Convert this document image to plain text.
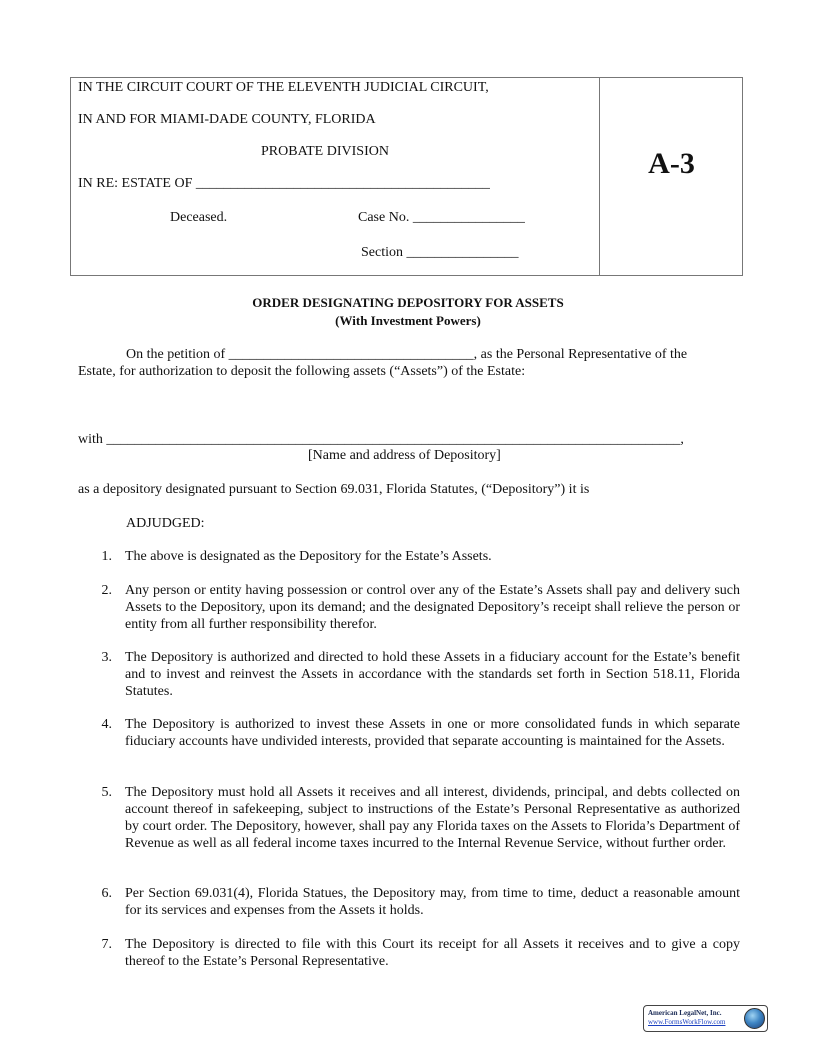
IN THE CIRCUIT COURT OF THE ELEVENTH JUDICIAL CIRCUIT,
IN AND FOR MIAMI-DADE COUNTY, FLORIDA
PROBATE DIVISION
IN RE: ESTATE OF __________________________________________
Deceased.	Case No. ________________
Section ________________
A-3
ORDER DESIGNATING DEPOSITORY FOR ASSETS
(With Investment Powers)
On the petition of ___________________________________, as the Personal Representative of the
Estate, for authorization to deposit the following assets (“Assets”) of the Estate:
with __________________________________________________________________________________,
[Name and address of Depository]
as a depository designated pursuant to Section 69.031, Florida Statutes, (“Depository”) it is
ADJUDGED:
1. The above is designated as the Depository for the Estate’s Assets.
2. Any person or entity having possession or control over any of the Estate’s Assets shall pay and delivery such Assets to the Depository, upon its demand; and the designated Depository’s receipt shall relieve the person or entity from all further responsibility therefor.
3. The Depository is authorized and directed to hold these Assets in a fiduciary account for the Estate’s benefit and to invest and reinvest the Assets in accordance with the standards set forth in Section 518.11, Florida Statutes.
4. The Depository is authorized to invest these Assets in one or more consolidated funds in which separate fiduciary accounts have undivided interests, provided that separate accounting is maintained for the Assets.
5. The Depository must hold all Assets it receives and all interest, dividends, principal, and debts collected on account thereof in safekeeping, subject to instructions of the Estate’s Personal Representative as authorized by court order. The Depository, however, shall pay any Florida taxes on the Assets to Florida’s Department of Revenue as well as all federal income taxes incurred to the Internal Revenue Service, without further order.
6. Per Section 69.031(4), Florida Statues, the Depository may, from time to time, deduct a reasonable amount for its services and expenses from the Assets it holds.
7. The Depository is directed to file with this Court its receipt for all Assets it receives and to give a copy thereof to the Estate’s Personal Representative.
American LegalNet, Inc.
www.FormsWorkFlow.com
